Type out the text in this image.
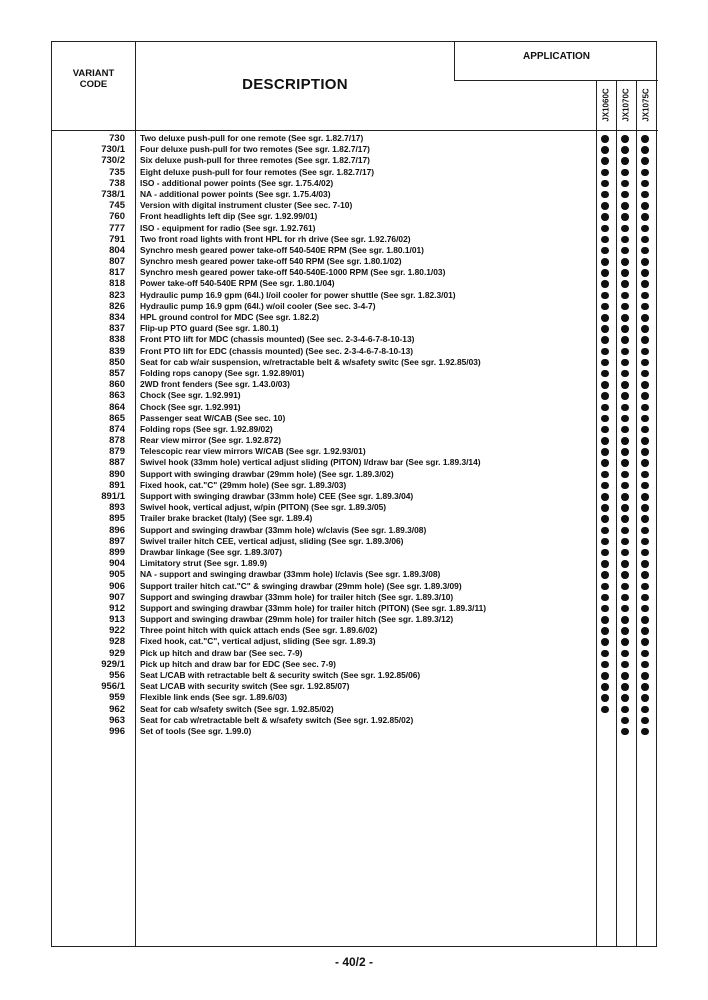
VARIANT
CODE	DESCRIPTION
APPLICATION
JX1060C JX1070C JX1075C
730 Two deluxe push-pull for one remote (See sgr. 1.82.7/17)
730/1 Four deluxe push-pull for two remotes (See sgr. 1.82.7/17)
730/2 Six deluxe push-pull for three remotes (See sgr. 1.82.7/17)
735 Eight deluxe push-pull for four remotes (See sgr. 1.82.7/17)
738 ISO - additional power points (See sgr. 1.75.4/02)
738/1 NA - additional power points (See sgr. 1.75.4/03)
745 Version with digital instrument cluster (See sec. 7-10)
760 Front headlights left dip (See sgr. 1.92.99/01)
777 ISO - equipment for radio (See sgr. 1.92.761)
791 Two front road lights with front HPL for rh drive (See sgr. 1.92.76/02)
804 Synchro mesh geared power take-off 540-540E RPM (See sgr. 1.80.1/01)
807 Synchro mesh geared power take-off 540 RPM (See sgr. 1.80.1/02)
817 Synchro mesh geared power take-off 540-540E-1000 RPM (See sgr. 1.80.1/03)
818 Power take-off 540-540E RPM (See sgr. 1.80.1/04)
823 Hydraulic pump 16.9 gpm (64l.) l/oil cooler for power shuttle (See sgr. 1.82.3/01)
826 Hydraulic pump 16.9 gpm (64l.) w/oil cooler (See sec. 3-4-7)
834 HPL ground control for MDC (See sgr. 1.82.2)
837 Flip-up PTO guard (See sgr. 1.80.1)
838 Front PTO lift for MDC (chassis mounted) (See sec. 2-3-4-6-7-8-10-13)
839 Front PTO lift for EDC (chassis mounted) (See sec. 2-3-4-6-7-8-10-13)
850 Seat for cab w/air suspension, w/retractable belt & w/safety switc (See sgr. 1.92.85/03)
857 Folding rops canopy (See sgr. 1.92.89/01)
860 2WD front fenders (See sgr. 1.43.0/03)
863 Chock (See sgr. 1.92.991)
864 Chock (See sgr. 1.92.991)
865 Passenger seat W/CAB (See sec. 10)
874 Folding rops (See sgr. 1.92.89/02)
878 Rear view mirror (See sgr. 1.92.872)
879 Telescopic rear view mirrors W/CAB (See sgr. 1.92.93/01)
887 Swivel hook (33mm hole) vertical adjust sliding (PITON) l/draw bar (See sgr. 1.89.3/14)
890 Support with swinging drawbar (29mm hole) (See sgr. 1.89.3/02)
891 Fixed hook, cat."C" (29mm hole) (See sgr. 1.89.3/03)
891/1 Support with swinging drawbar (33mm hole) CEE (See sgr. 1.89.3/04)
893 Swivel hook, vertical adjust, w/pin (PITON) (See sgr. 1.89.3/05)
895 Trailer brake bracket (Italy) (See sgr. 1.89.4)
896 Support and swinging drawbar (33mm hole) w/clavis (See sgr. 1.89.3/08)
897 Swivel trailer hitch CEE, vertical adjust, sliding (See sgr. 1.89.3/06)
899 Drawbar linkage (See sgr. 1.89.3/07)
904 Limitatory strut (See sgr. 1.89.9)
905 NA - support and swinging drawbar (33mm hole) l/clavis (See sgr. 1.89.3/08)
906 Support trailer hitch cat."C" & swinging drawbar (29mm hole) (See sgr. 1.89.3/09)
907 Support and swinging drawbar (33mm hole) for trailer hitch (See sgr. 1.89.3/10)
912 Support and swinging drawbar (33mm hole) for trailer hitch (PITON) (See sgr. 1.89.3/11)
913 Support and swinging drawbar (29mm hole) for trailer hitch (See sgr. 1.89.3/12)
922 Three point hitch with quick attach ends (See sgr. 1.89.6/02)
928 Fixed hook, cat."C", vertical adjust, sliding (See sgr. 1.89.3)
929 Pick up hitch and draw bar (See sec. 7-9)
929/1 Pick up hitch and draw bar for EDC (See sec. 7-9)
956 Seat L/CAB with retractable belt & security switch (See sgr. 1.92.85/06)
956/1 Seat L/CAB with security switch (See sgr. 1.92.85/07)
959 Flexible link ends (See sgr. 1.89.6/03)
962 Seat for cab w/safety switch (See sgr. 1.92.85/02)
963 Seat for cab w/retractable belt & w/safety switch (See sgr. 1.92.85/02)
996 Set of tools (See sgr. 1.99.0)
- 40/2 -
